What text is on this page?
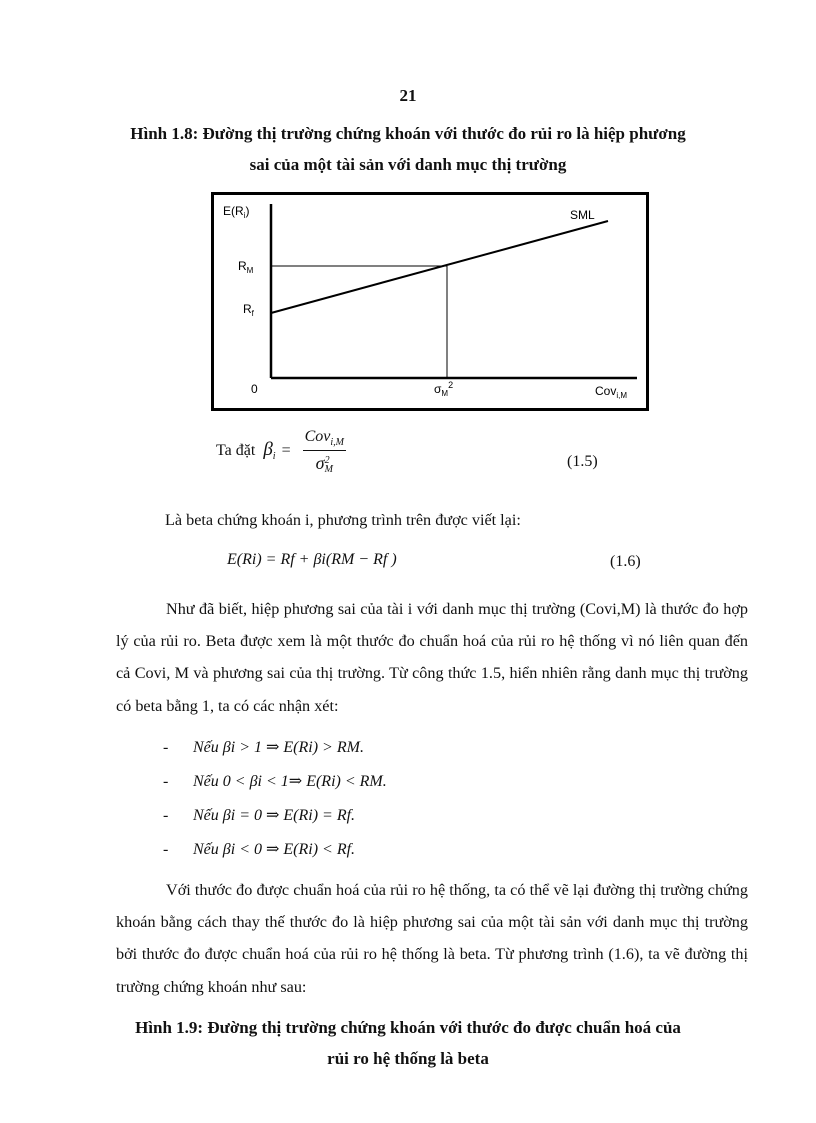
21

Hình 1.8: Đường thị trường chứng khoán với thước đo rủi ro là hiệp phương
sai của một tài sản với danh mục thị trường

$E(R_i)$	SML
$R_M$
$R_f$
0	$\sigma_M^2$	Cov$_{i,M}$
Ta đặt $\beta_i = Cov_{i,M}$
σ 2
M	(1.5)

Là beta chứng khoán i, phương trình trên được viết lại:

E(Ri) = Rf + βi(RM − Rf )	(1.6)

Như đã biết, hiệp phương sai của tài i với danh mục thị trường (Covi,M) là thước đo hợp lý của rủi ro. Beta được xem là một thước đo chuẩn hoá của rủi ro hệ thống vì nó liên quan đến cả Covi, M và phương sai của thị trường. Từ công thức 1.5, hiển nhiên rằng danh mục thị trường có beta bằng 1, ta có các nhận xét:

- Nếu βi > 1 ⇒ E(Ri) > RM.
- Nếu 0 < βi < 1⇒ E(Ri) < RM.
- Nếu βi = 0 ⇒ E(Ri) = Rf.
- Nếu βi < 0 ⇒ E(Ri) < Rf.

Với thước đo được chuẩn hoá của rủi ro hệ thống, ta có thể vẽ lại đường thị trường chứng khoán bằng cách thay thế thước đo là hiệp phương sai của một tài sản với danh mục thị trường bởi thước đo được chuẩn hoá của rủi ro hệ thống là beta. Từ phương trình (1.6), ta vẽ đường thị trường chứng khoán như sau:

Hình 1.9: Đường thị trường chứng khoán với thước đo được chuẩn hoá của
rủi ro hệ thống là beta
